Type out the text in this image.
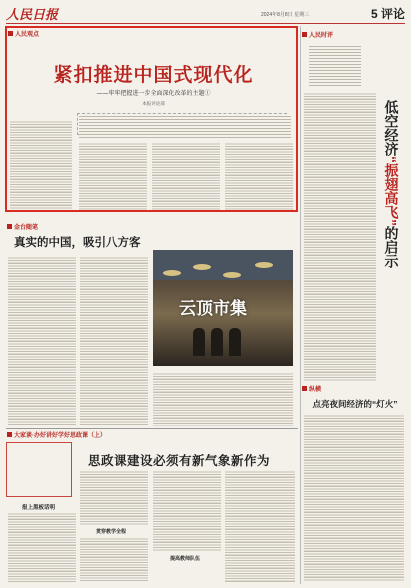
人民日报	2024年8月8日 星期三	5 评论
人民观点
紧扣推进中国式现代化
——牢牢把握进一步全面深化改革的主题①
本报评论部
人民时评
低空经济
“振翅高飞”
的启示
金台随笔
真实的中国，吸引八方客
云顶市集
纵横
点亮夜间经济的“灯火”
大家谈·办好讲好学好思政课（上）
思政课建设必须有新气象新作为
报上黑板话明
贯穿教学全程
提高教师队伍
